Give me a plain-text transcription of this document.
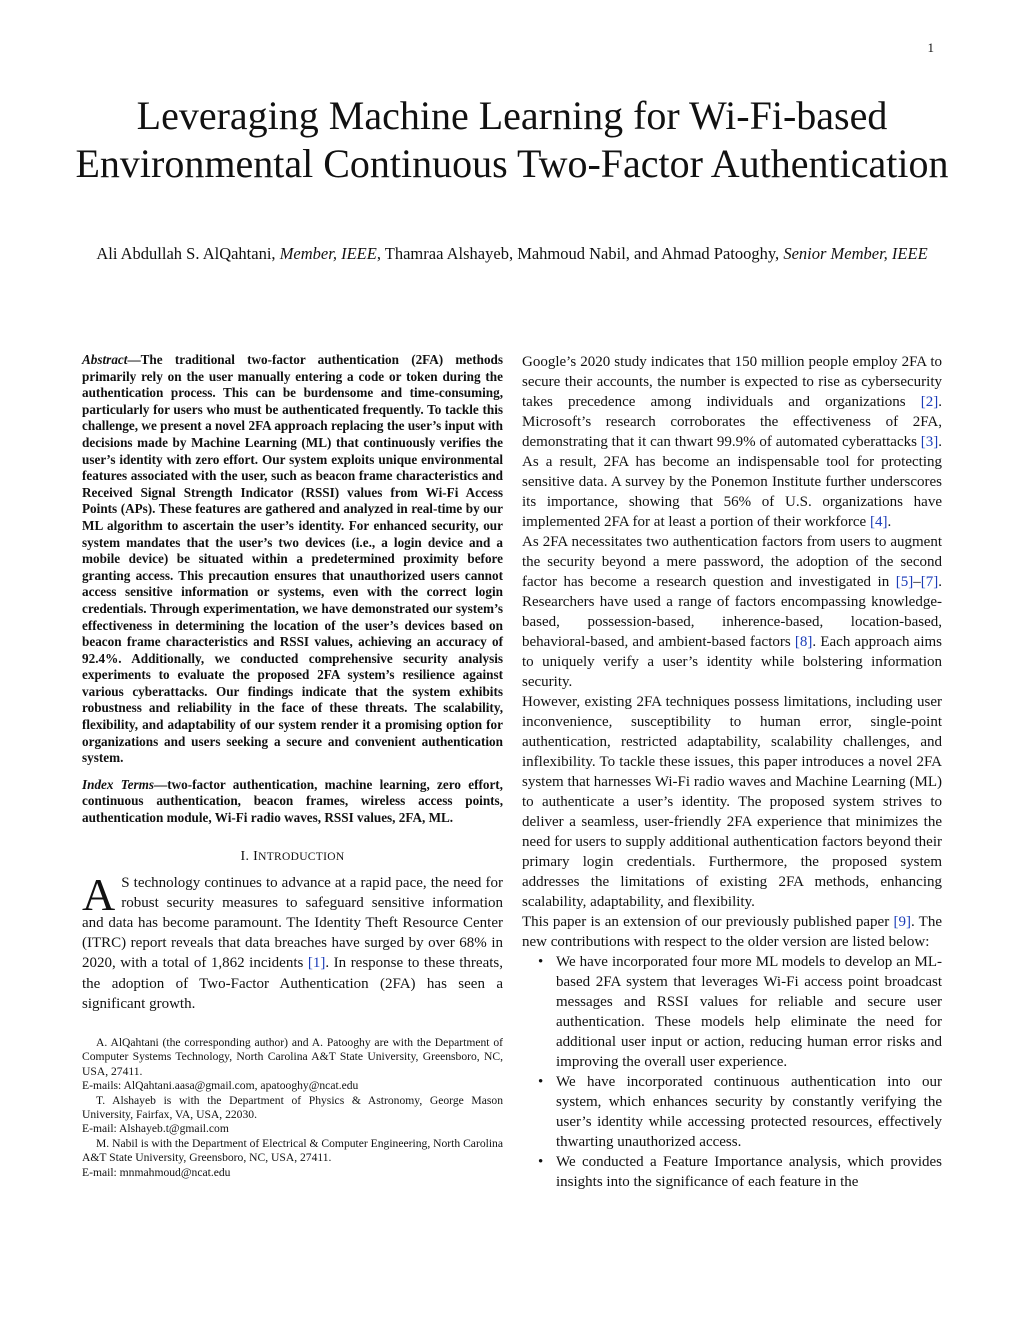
1
Leveraging Machine Learning for Wi-Fi-based Environmental Continuous Two-Factor Authentication
Ali Abdullah S. AlQahtani, Member, IEEE, Thamraa Alshayeb, Mahmoud Nabil, and Ahmad Patooghy, Senior Member, IEEE

Abstract—The traditional two-factor authentication (2FA) methods primarily rely on the user manually entering a code or token during the authentication process. This can be burdensome and time-consuming, particularly for users who must be authenticated frequently. To tackle this challenge, we present a novel 2FA approach replacing the user’s input with decisions made by Machine Learning (ML) that continuously verifies the user’s identity with zero effort. Our system exploits unique environmental features associated with the user, such as beacon frame characteristics and Received Signal Strength Indicator (RSSI) values from Wi-Fi Access Points (APs). These features are gathered and analyzed in real-time by our ML algorithm to ascertain the user’s identity. For enhanced security, our system mandates that the user’s two devices (i.e., a login device and a mobile device) be situated within a predetermined proximity before granting access. This precaution ensures that unauthorized users cannot access sensitive information or systems, even with the correct login credentials. Through experimentation, we have demonstrated our system’s effectiveness in determining the location of the user’s devices based on beacon frame characteristics and RSSI values, achieving an accuracy of 92.4%. Additionally, we conducted comprehensive security analysis experiments to evaluate the proposed 2FA system’s resilience against various cyberattacks. Our findings indicate that the system exhibits robustness and reliability in the face of these threats. The scalability, flexibility, and adaptability of our system render it a promising option for organizations and users seeking a secure and convenient authentication system.

Index Terms—two-factor authentication, machine learning, zero effort, continuous authentication, beacon frames, wireless access points, authentication module, Wi-Fi radio waves, RSSI values, 2FA, ML.

I. INTRODUCTION

A S technology continues to advance at a rapid pace, the need for robust security measures to safeguard sensitive information and data has become paramount. The Identity Theft Resource Center (ITRC) report reveals that data breaches have surged by over 68% in 2020, with a total of 1,862 incidents [1]. In response to these threats, the adoption of Two-Factor Authentication (2FA) has seen a significant growth.

A. AlQahtani (the corresponding author) and A. Patooghy are with the Department of Computer Systems Technology, North Carolina A&T State University, Greensboro, NC, USA, 27411.

E-mails: AlQahtani.aasa@gmail.com, apatooghy@ncat.edu

T. Alshayeb is with the Department of Physics & Astronomy, George Mason University, Fairfax, VA, USA, 22030.

E-mail: Alshayeb.t@gmail.com

M. Nabil is with the Department of Electrical & Computer Engineering, North Carolina A&T State University, Greensboro, NC, USA, 27411.

E-mail: mnmahmoud@ncat.edu

Google’s 2020 study indicates that 150 million people employ 2FA to secure their accounts, the number is expected to rise as cybersecurity takes precedence among individuals and organizations [2]. Microsoft’s research corroborates the effectiveness of 2FA, demonstrating that it can thwart 99.9% of automated cyberattacks [3]. As a result, 2FA has become an indispensable tool for protecting sensitive data. A survey by the Ponemon Institute further underscores its importance, showing that 56% of U.S. organizations have implemented 2FA for at least a portion of their workforce [4].

As 2FA necessitates two authentication factors from users to augment the security beyond a mere password, the adoption of the second factor has become a research question and investigated in [5]–[7]. Researchers have used a range of factors encompassing knowledge-based, possession-based, inherence-based, location-based, behavioral-based, and ambient-based factors [8]. Each approach aims to uniquely verify a user’s identity while bolstering information security.

However, existing 2FA techniques possess limitations, including user inconvenience, susceptibility to human error, single-point authentication, restricted adaptability, scalability challenges, and inflexibility. To tackle these issues, this paper introduces a novel 2FA system that harnesses Wi-Fi radio waves and Machine Learning (ML) to authenticate a user’s identity. The proposed system strives to deliver a seamless, user-friendly 2FA experience that minimizes the need for users to supply additional authentication factors beyond their primary login credentials. Furthermore, the proposed system addresses the limitations of existing 2FA methods, enhancing scalability, adaptability, and flexibility.

This paper is an extension of our previously published paper [9]. The new contributions with respect to the older version are listed below:

• We have incorporated four more ML models to develop an ML-based 2FA system that leverages Wi-Fi access point broadcast messages and RSSI values for reliable and secure user authentication. These models help eliminate the need for additional user input or action, reducing human error risks and improving the overall user experience.
• We have incorporated continuous authentication into our system, which enhances security by constantly verifying the user’s identity while accessing protected resources, effectively thwarting unauthorized access.
• We conducted a Feature Importance analysis, which provides insights into the significance of each feature in the
